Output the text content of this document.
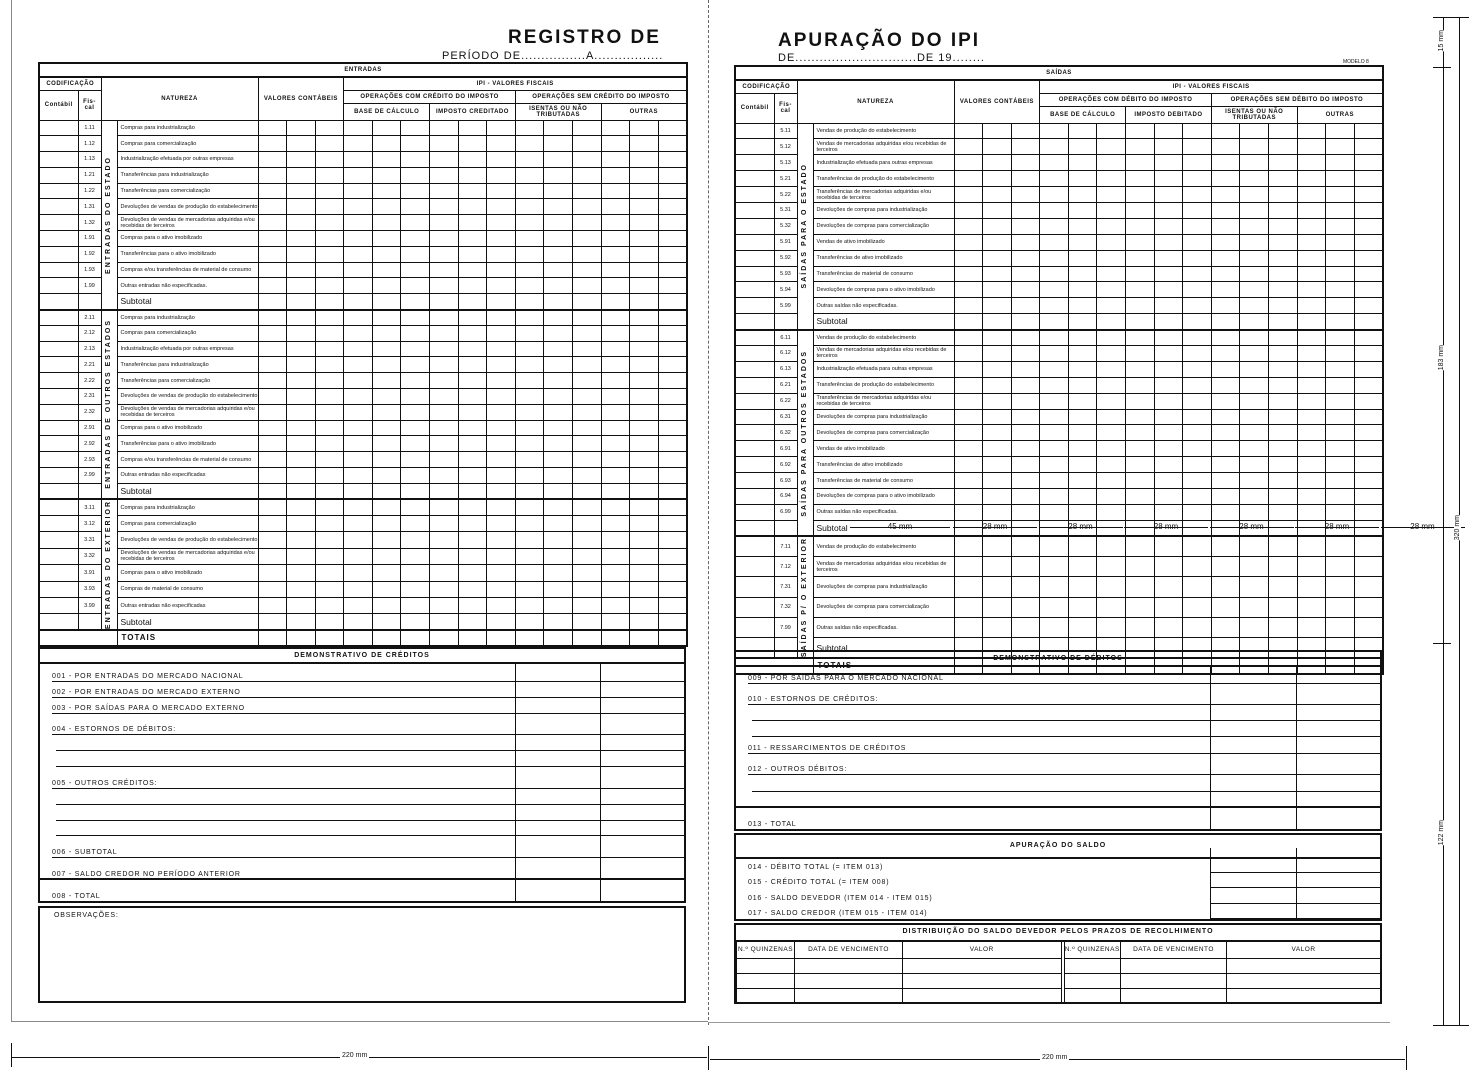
REGISTRO DE
PERÍODO DE................A.................
APURAÇÃO DO IPI
DE..............................DE 19........	MODELO 8
ENTRADAS																		
CODIFICAÇÃO		NATUREZA		VALORES CONTÁBEIS			IPI - VALORES FISCAIS											
Contábil	Fis-cal						OPERAÇÕES COM CRÉDITO DO IMPOSTO						OPERAÇÕES SEM CRÉDITO DO IMPOSTO					
							BASE DE CÁLCULO			IMPOSTO CREDITADO			ISENTAS OU NÃO TRIBUTADAS			OUTRAS		
	1.11	ENTRADAS DO ESTADO	Compras para industrialização															
	1.12		Compras para comercialização															
	1.13		Industrialização efetuada por outras empresas															
	1.21		Transferências para industrialização															
	1.22		Transferências para comercialização															
	1.31		Devoluções de vendas de produção do estabelecimento															
	1.32		Devoluções de vendas de mercadorias adquiridas e/ou recebidas de terceiros															
	1.91		Compras para o ativo imobilizado															
	1.92		Transferências para o ativo imobilizado															
	1.93		Compras e/ou transferências de material de consumo															
	1.99		Outras entradas não especificadas.															
			Subtotal															
	2.11	ENTRADAS DE OUTROS ESTADOS	Compras para industrialização															
	2.12		Compras para comercialização															
	2.13		Industrialização efetuada por outras empresas															
	2.21		Transferências para industrialização															
	2.22		Transferências para comercialização															
	2.31		Devoluções de vendas de produção do estabelecimento															
	2.32		Devoluções de vendas de mercadorias adquiridas e/ou recebidas de terceiros															
	2.91		Compras para o ativo imobilizado															
	2.92		Transferências para o ativo imobilizado															
	2.93		Compras e/ou transferências de material de consumo															
	2.99		Outras entradas não especificadas															
			Subtotal															
	3.11	ENTRADAS DO EXTERIOR	Compras para industrialização															
	3.12		Compras para comercialização															
	3.31		Devoluções de vendas de produção do estabelecimento															
	3.32		Devoluções de vendas de mercadorias adquiridas e/ou recebidas de terceiros															
	3.91		Compras para o ativo imobilizado															
	3.93		Compras de material de consumo															
	3.99		Outras entradas não especificadas															
			Subtotal															
			TOTAIS															
SAÍDAS																		
CODIFICAÇÃO		NATUREZA		VALORES CONTÁBEIS			IPI - VALORES FISCAIS											
Contábil	Fis-cal						OPERAÇÕES COM DÉBITO DO IMPOSTO						OPERAÇÕES SEM DÉBITO DO IMPOSTO					
							BASE DE CÁLCULO			IMPOSTO DEBITADO			ISENTAS OU NÃO TRIBUTADAS			OUTRAS		
	5.11	SAÍDAS PARA O ESTADO	Vendas de produção do estabelecimento															
	5.12		Vendas de mercadorias adquiridas e/ou recebidas de terceiros															
	5.13		Industrialização efetuada para outras empresas															
	5.21		Transferências de produção do estabelecimento															
	5.22		Transferências de mercadorias adquiridas e/ou recebidas de terceiros															
	5.31		Devoluções de compras para industrialização															
	5.32		Devoluções de compras para comercialização															
	5.91		Vendas de ativo imobilizado															
	5.92		Transferências de ativo imobilizado															
	5.93		Transferências de material de consumo															
	5.94		Devoluções de compras para o ativo imobilizado															
	5.99		Outras saídas não especificadas.															
			Subtotal															
	6.11	SAÍDAS PARA OUTROS ESTADOS	Vendas de produção do estabelecimento															
	6.12		Vendas de mercadorias adquiridas e/ou recebidas de terceiros															
	6.13		Industrialização efetuada para outras empresas															
	6.21		Transferências de produção do estabelecimento															
	6.22		Transferências de mercadorias adquiridas e/ou recebidas de terceiros															
	6.31		Devoluções de compras para industrialização															
	6.32		Devoluções de compras para comercialização															
	6.91		Vendas de ativo imobilizado															
	6.92		Transferências de ativo imobilizado															
	6.93		Transferências de material de consumo															
	6.94		Devoluções de compras para o ativo imobilizado															
	6.99		Outras saídas não especificadas.															
			Subtotal															
	7.11	SAÍDAS P/ O EXTERIOR	Vendas de produção do estabelecimento															
	7.12		Vendas de mercadorias adquiridas e/ou recebidas de terceiros															
	7.31		Devoluções de compras para industrialização															
	7.32		Devoluções de compras para comercialização															
	7.99		Outras saídas não especificadas.															
			Subtotal															
			TOTAIS															
45 mm	28 mm	28 mm	28 mm	28 mm	28 mm	28 mm
DEMONSTRATIVO DE CRÉDITOS
001 - POR ENTRADAS DO MERCADO NACIONAL
002 - POR ENTRADAS DO MERCADO EXTERNO
003 - POR SAÍDAS PARA O MERCADO EXTERNO
004 - ESTORNOS DE DÉBITOS:
005 - OUTROS CRÉDITOS:
006 - SUBTOTAL
007 - SALDO CREDOR NO PERÍODO ANTERIOR
008 - TOTAL
OBSERVAÇÕES:
DEMONSTRATIVO DE DÉBITOS
009 - POR SAÍDAS PARA O MERCADO NACIONAL
010 - ESTORNOS DE CRÉDITOS:
011 - RESSARCIMENTOS DE CRÉDITOS
012 - OUTROS DÉBITOS:
013 - TOTAL
APURAÇÃO DO SALDO
014 - DÉBITO TOTAL (= ITEM 013)
015 - CRÉDITO TOTAL (= ITEM 008)
016 - SALDO DEVEDOR (ITEM 014 - ITEM 015)
017 - SALDO CREDOR (ITEM 015 - ITEM 014)
DISTRIBUIÇÃO DO SALDO DEVEDOR PELOS PRAZOS DE RECOLHIMENTO
N.º QUINZENAS	DATA DE VENCIMENTO	VALOR	N.º QUINZENAS	DATA DE VENCIMENTO	VALOR

220 mm	220 mm
15 mm
183 mm
320 mm
122 mm
